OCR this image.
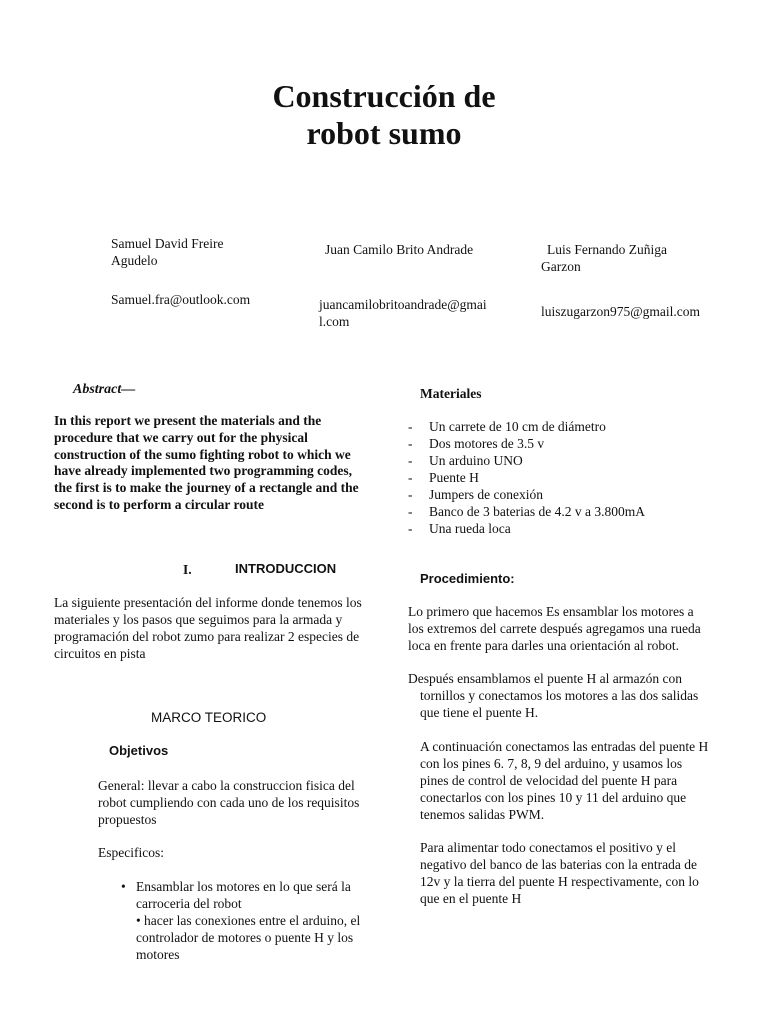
Construcción de
robot sumo
Samuel David Freire Agudelo
Samuel.fra@outlook.com
Juan Camilo Brito Andrade
juancamilobritoandrade@gmail.com
Luis Fernando Zuñiga Garzon
luiszugarzon975@gmail.com
Abstract—
In this report we present the materials and the procedure that we carry out for the physical construction of the sumo fighting robot to which we have already implemented two programming codes, the first is to make the journey of a rectangle and the second is to perform a circular route
I.	INTRODUCCION
La siguiente presentación del informe donde tenemos los materiales y los pasos que seguimos para la armada y programación del robot zumo para realizar 2 especies de circuitos en pista
MARCO TEORICO
Objetivos
General: llevar a cabo la construccion fisica del robot cumpliendo con cada uno de los requisitos propuestos
Especificos:
• Ensamblar los motores en lo que será la carroceria del robot
• hacer las conexiones entre el arduino, el controlador de motores o puente H y los motores
Materiales
- Un carrete de 10 cm de diámetro
- Dos motores de 3.5 v
- Un arduino UNO
- Puente H
- Jumpers de conexión
- Banco de 3 baterias de 4.2 v a 3.800mA
- Una rueda loca
Procedimiento:
Lo primero que hacemos Es ensamblar los motores a los extremos del carrete después agregamos una rueda loca en frente para darles una orientación al robot.
Después ensamblamos el puente H al armazón con tornillos y conectamos los motores a las dos salidas que tiene el puente H.
A continuación conectamos las entradas del puente H con los pines 6. 7, 8, 9 del arduino, y usamos los pines de control de velocidad del puente H para conectarlos con los pines 10 y 11 del arduino que tenemos salidas PWM.
Para alimentar todo conectamos el positivo y el negativo del banco de las baterias con la entrada de 12v y la tierra del puente H respectivamente, con lo que en el puente H
